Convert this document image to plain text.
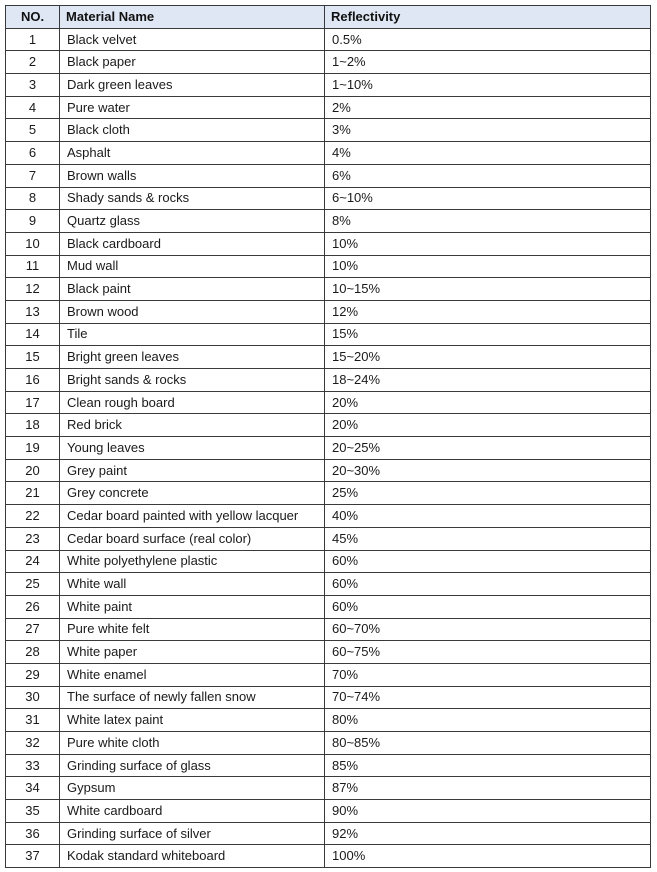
NO.	Material Name	Reflectivity
1	Black velvet	0.5%
2	Black paper	1~2%
3	Dark green leaves	1~10%
4	Pure water	2%
5	Black cloth	3%
6	Asphalt	4%
7	Brown walls	6%
8	Shady sands & rocks	6~10%
9	Quartz glass	8%
10	Black cardboard	10%
11	Mud wall	10%
12	Black paint	10~15%
13	Brown wood	12%
14	Tile	15%
15	Bright green leaves	15~20%
16	Bright sands & rocks	18~24%
17	Clean rough board	20%
18	Red brick	20%
19	Young leaves	20~25%
20	Grey paint	20~30%
21	Grey concrete	25%
22	Cedar board painted with yellow lacquer	40%
23	Cedar board surface (real color)	45%
24	White polyethylene plastic	60%
25	White wall	60%
26	White paint	60%
27	Pure white felt	60~70%
28	White paper	60~75%
29	White enamel	70%
30	The surface of newly fallen snow	70~74%
31	White latex paint	80%
32	Pure white cloth	80~85%
33	Grinding surface of glass	85%
34	Gypsum	87%
35	White cardboard	90%
36	Grinding surface of silver	92%
37	Kodak standard whiteboard	100%
